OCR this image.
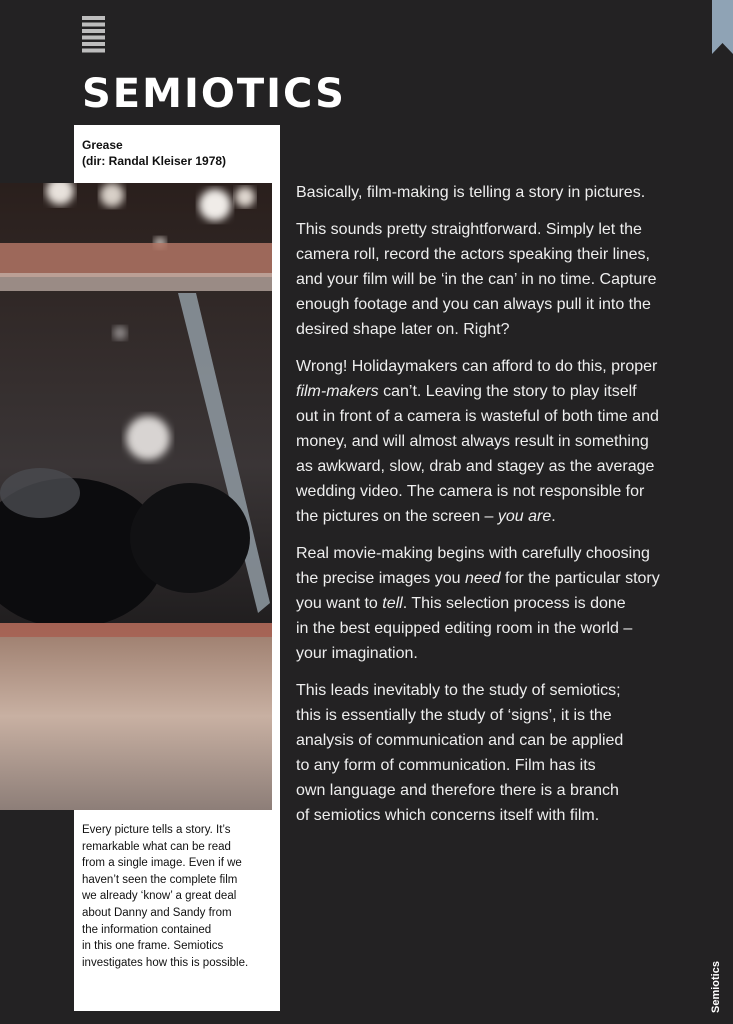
SEMIOTICS
Grease
(dir: Randal Kleiser 1978)
Every picture tells a story. It’s
remarkable what can be read
from a single image. Even if we
haven’t seen the complete film
we already ‘know’ a great deal
about Danny and Sandy from
the information contained
in this one frame. Semiotics
investigates how this is possible.
Basically, film-making is telling a story in pictures.
This sounds pretty straightforward. Simply let the
camera roll, record the actors speaking their lines,
and your film will be ‘in the can’ in no time. Capture
enough footage and you can always pull it into the
desired shape later on. Right?
Wrong! Holidaymakers can afford to do this, proper
film-makers can’t. Leaving the story to play itself
out in front of a camera is wasteful of both time and
money, and will almost always result in something
as awkward, slow, drab and stagey as the average
wedding video. The camera is not responsible for
the pictures on the screen – you are.
Real movie-making begins with carefully choosing
the precise images you need for the particular story
you want to tell. This selection process is done
in the best equipped editing room in the world –
your imagination.
This leads inevitably to the study of semiotics;
this is essentially the study of ‘signs’, it is the
analysis of communication and can be applied
to any form of communication. Film has its
own language and therefore there is a branch
of semiotics which concerns itself with film.
Semiotics
